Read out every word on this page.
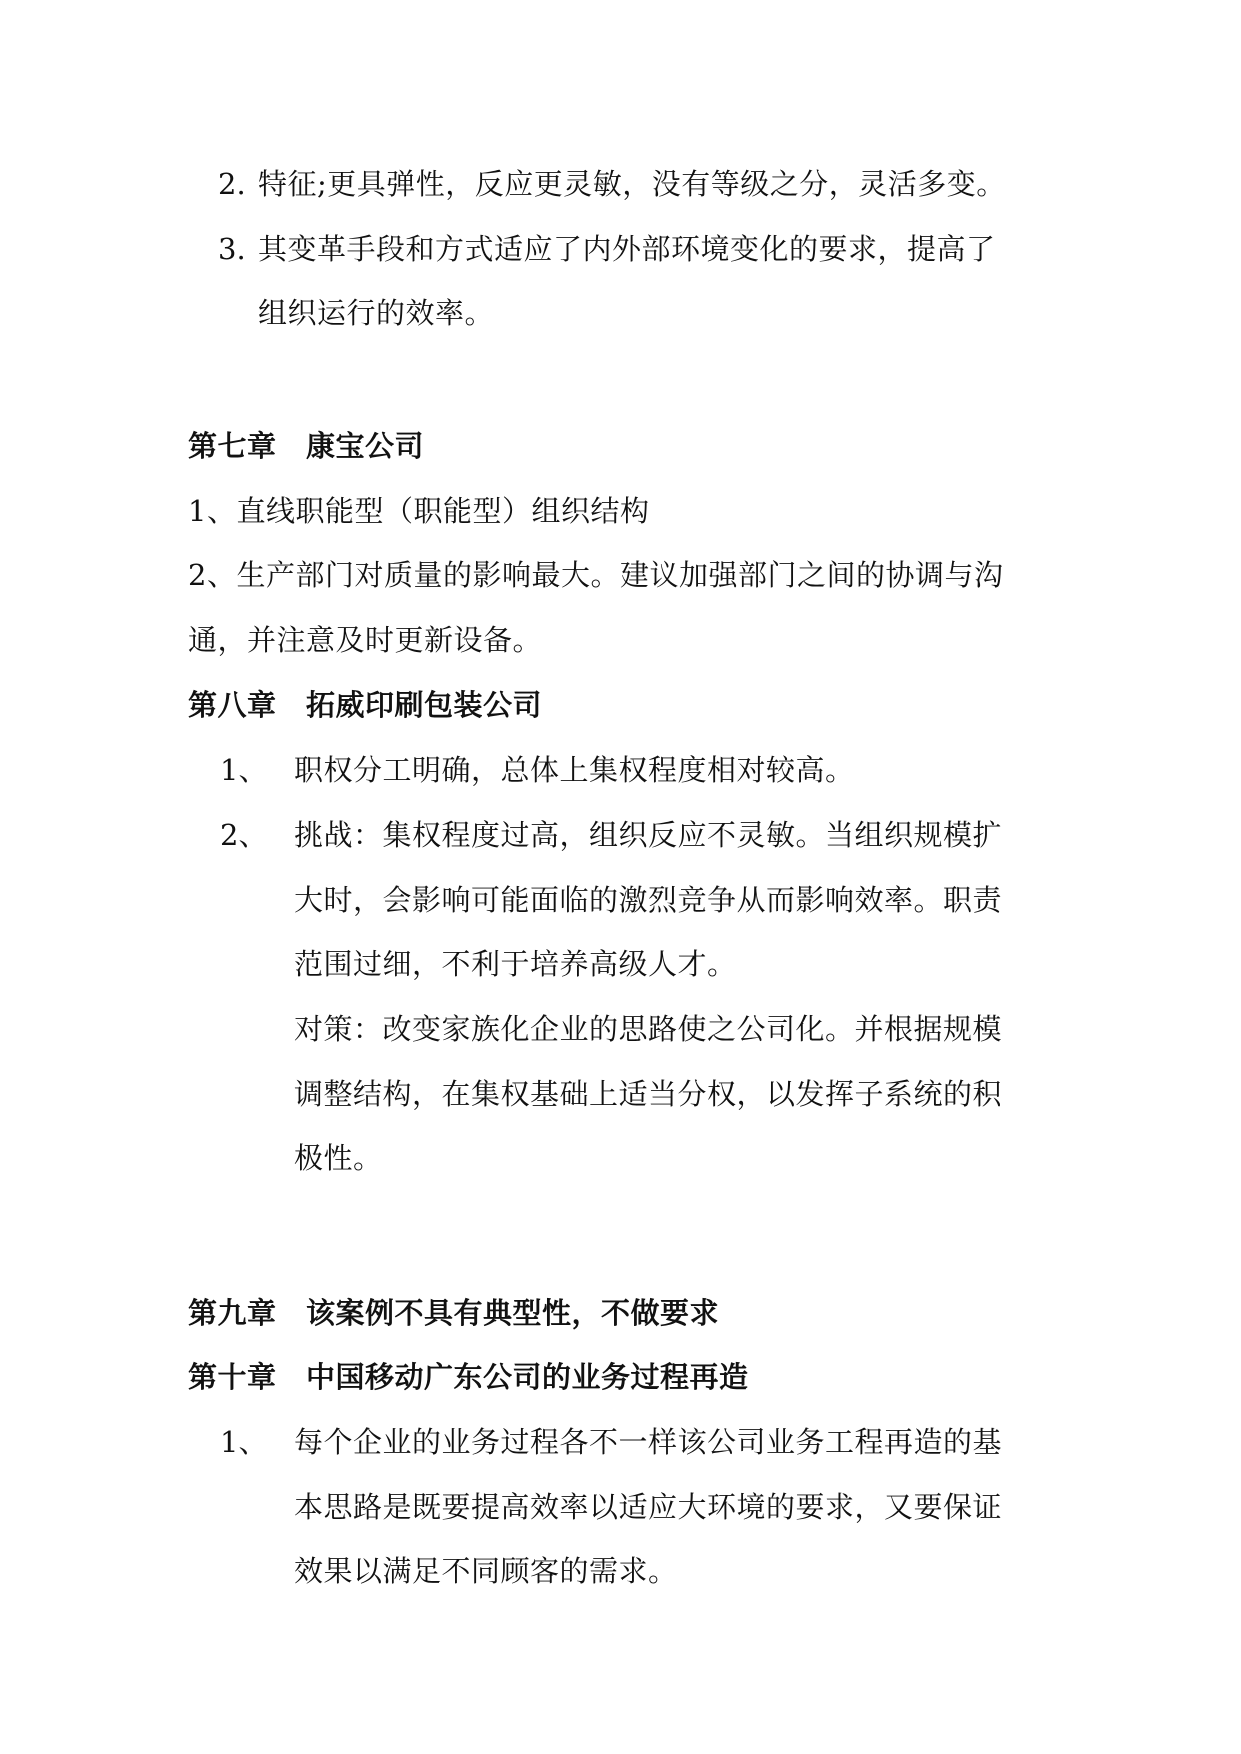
2. 特征;更具弹性，反应更灵敏，没有等级之分，灵活多变。
3. 其变革手段和方式适应了内外部环境变化的要求，提高了
组织运行的效率。
第七章　康宝公司
1、直线职能型（职能型）组织结构
2、生产部门对质量的影响最大。建议加强部门之间的协调与沟
通，并注意及时更新设备。
第八章　拓威印刷包装公司
1、 职权分工明确，总体上集权程度相对较高。
2、 挑战：集权程度过高，组织反应不灵敏。当组织规模扩
大时，会影响可能面临的激烈竞争从而影响效率。职责
范围过细，不利于培养高级人才。
对策：改变家族化企业的思路使之公司化。并根据规模
调整结构，在集权基础上适当分权，以发挥子系统的积
极性。
第九章　该案例不具有典型性，不做要求
第十章　中国移动广东公司的业务过程再造
1、 每个企业的业务过程各不一样该公司业务工程再造的基
本思路是既要提高效率以适应大环境的要求，又要保证
效果以满足不同顾客的需求。
